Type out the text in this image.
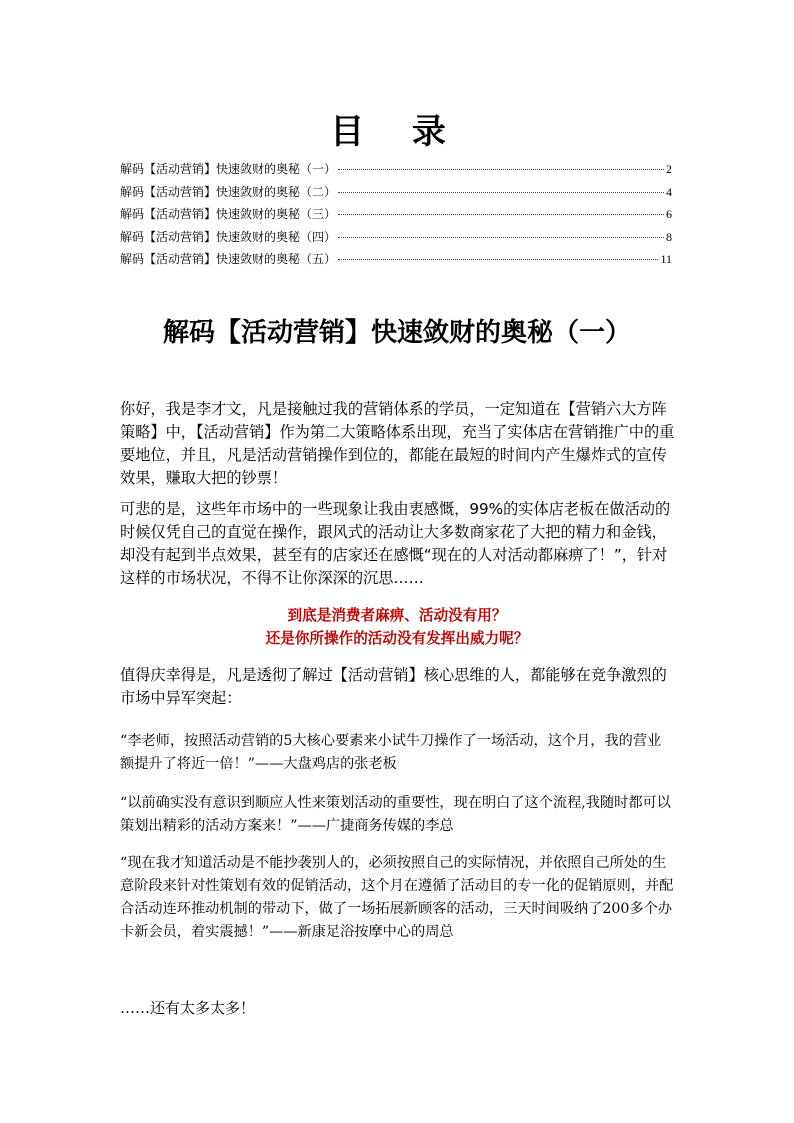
目 录
解码【活动营销】快速敛财的奥秘（一）	2
解码【活动营销】快速敛财的奥秘（二）	4
解码【活动营销】快速敛财的奥秘（三）	6
解码【活动营销】快速敛财的奥秘（四）	8
解码【活动营销】快速敛财的奥秘（五）	11
解码【活动营销】快速敛财的奥秘（一）

你好，我是李才文，凡是接触过我的营销体系的学员，一定知道在【营销六大方阵策略】中，【活动营销】作为第二大策略体系出现，充当了实体店在营销推广中的重要地位，并且，凡是活动营销操作到位的，都能在最短的时间内产生爆炸式的宣传效果，赚取大把的钞票！

可悲的是，这些年市场中的一些现象让我由衷感慨，99%的实体店老板在做活动的时候仅凭自己的直觉在操作，跟风式的活动让大多数商家花了大把的精力和金钱，却没有起到半点效果，甚至有的店家还在感慨“现在的人对活动都麻痹了！”，针对这样的市场状况，不得不让你深深的沉思……

到底是消费者麻痹、活动没有用？
还是你所操作的活动没有发挥出威力呢？

值得庆幸得是，凡是透彻了解过【活动营销】核心思维的人，都能够在竞争激烈的市场中异军突起：

“李老师，按照活动营销的5大核心要素来小试牛刀操作了一场活动，这个月，我的营业额提升了将近一倍！”——大盘鸡店的张老板

“以前确实没有意识到顺应人性来策划活动的重要性，现在明白了这个流程,我随时都可以策划出精彩的活动方案来！”——广捷商务传媒的李总

“现在我才知道活动是不能抄袭别人的，必须按照自己的实际情况，并依照自己所处的生意阶段来针对性策划有效的促销活动，这个月在遵循了活动目的专一化的促销原则，并配合活动连环推动机制的带动下，做了一场拓展新顾客的活动，三天时间吸纳了200多个办卡新会员，着实震撼！”——新康足浴按摩中心的周总

……还有太多太多！
